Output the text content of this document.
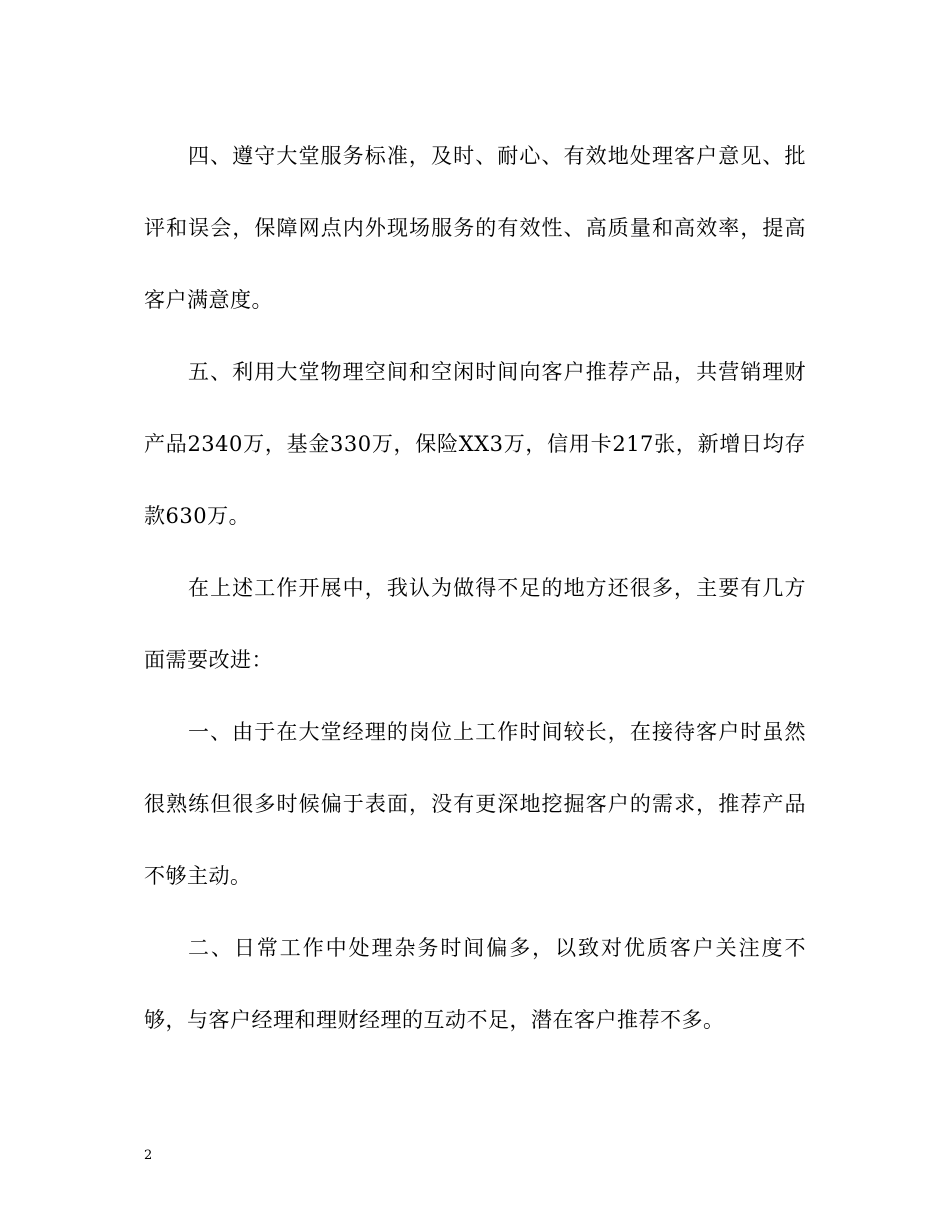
四、遵守大堂服务标准，及时、耐心、有效地处理客户意见、批评和误会，保障网点内外现场服务的有效性、高质量和高效率，提高客户满意度。

五、利用大堂物理空间和空闲时间向客户推荐产品，共营销理财产品2340万，基金330万，保险XX3万，信用卡217张，新增日均存款630万。

在上述工作开展中，我认为做得不足的地方还很多，主要有几方面需要改进：

一、由于在大堂经理的岗位上工作时间较长，在接待客户时虽然很熟练但很多时候偏于表面，没有更深地挖掘客户的需求，推荐产品不够主动。

二、日常工作中处理杂务时间偏多，以致对优质客户关注度不够，与客户经理和理财经理的互动不足，潜在客户推荐不多。

2
